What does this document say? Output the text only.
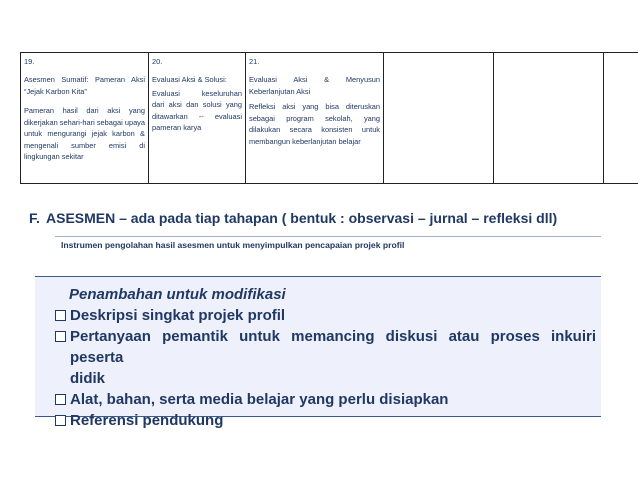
19.
Asesmen Sumatif: Pameran Aksi “Jejak Karbon Kita”
Pameran hasil dari aksi yang dikerjakan sehari-hari sebagai upaya untuk mengurangi jejak karbon & mengenali sumber emisi di lingkungan sekitar

20.
Evaluasi Aksi & Solusi:
Evaluasi	keseluruhan
dari aksi dan solusi yang ditawarkan -- evaluasi pameran karya

21.
Evaluasi Aksi & Menyusun Keberlanjutan Aksi
Refleksi aksi yang bisa diteruskan sebagai program sekolah, yang dilakukan secara konsisten untuk membangun keberlanjutan belajar

F. ASESMEN – ada pada tiap tahapan ( bentuk : observasi – jurnal – refleksi dll)
Instrumen pengolahan hasil asesmen untuk menyimpulkan pencapaian projek profil
Penambahan untuk modifikasi
Deskripsi singkat projek profil
Pertanyaan pemantik untuk memancing diskusi atau proses inkuiri peserta
didik
Alat, bahan, serta media belajar yang perlu disiapkan
Referensi pendukung
